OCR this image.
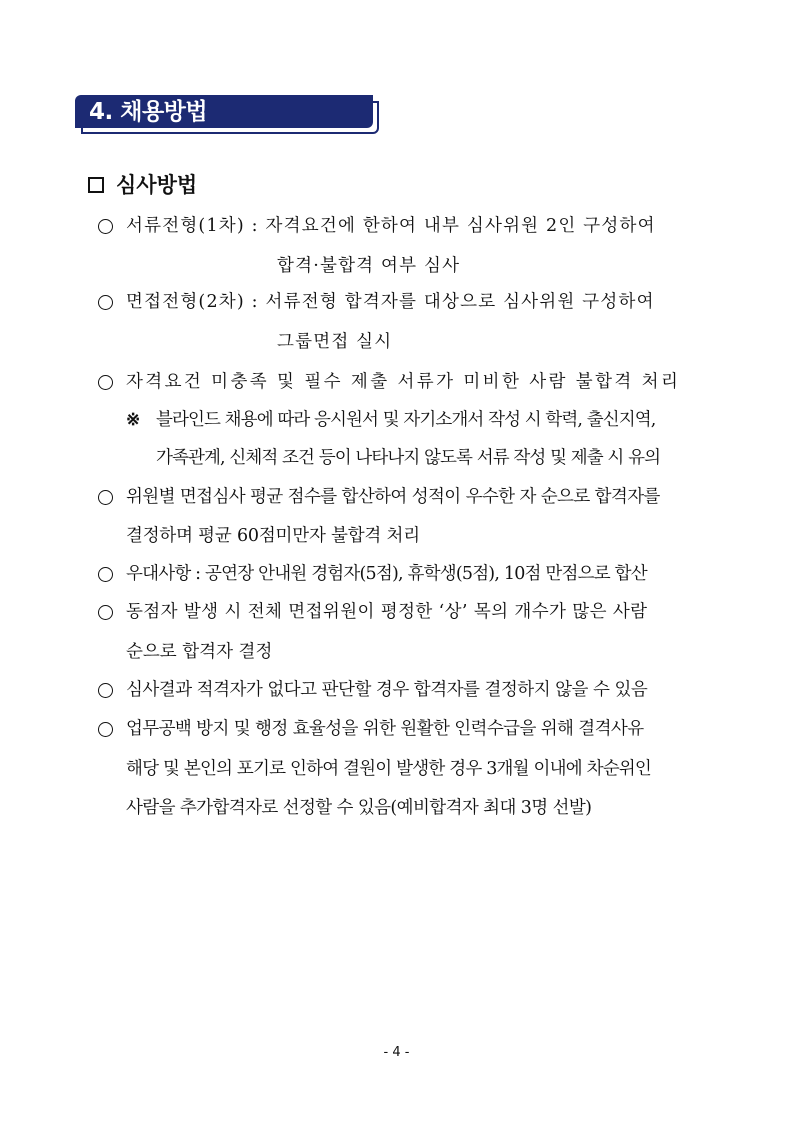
4. 채용방법
심사방법
서류전형(1차) : 자격요건에 한하여 내부 심사위원 2인 구성하여
합격·불합격 여부 심사
면접전형(2차) : 서류전형 합격자를 대상으로 심사위원 구성하여
그룹면접 실시
자격요건 미충족 및 필수 제출 서류가 미비한 사람 불합격 처리
※ 블라인드 채용에 따라 응시원서 및 자기소개서 작성 시 학력, 출신지역,
가족관계, 신체적 조건 등이 나타나지 않도록 서류 작성 및 제출 시 유의
위원별 면접심사 평균 점수를 합산하여 성적이 우수한 자 순으로 합격자를
결정하며 평균 60점미만자 불합격 처리
우대사항 : 공연장 안내원 경험자(5점), 휴학생(5점), 10점 만점으로 합산
동점자 발생 시 전체 면접위원이 평정한 ‘상’ 목의 개수가 많은 사람
순으로 합격자 결정
심사결과 적격자가 없다고 판단할 경우 합격자를 결정하지 않을 수 있음
업무공백 방지 및 행정 효율성을 위한 원활한 인력수급을 위해 결격사유
해당 및 본인의 포기로 인하여 결원이 발생한 경우 3개월 이내에 차순위인
사람을 추가합격자로 선정할 수 있음(예비합격자 최대 3명 선발)
- 4 -
